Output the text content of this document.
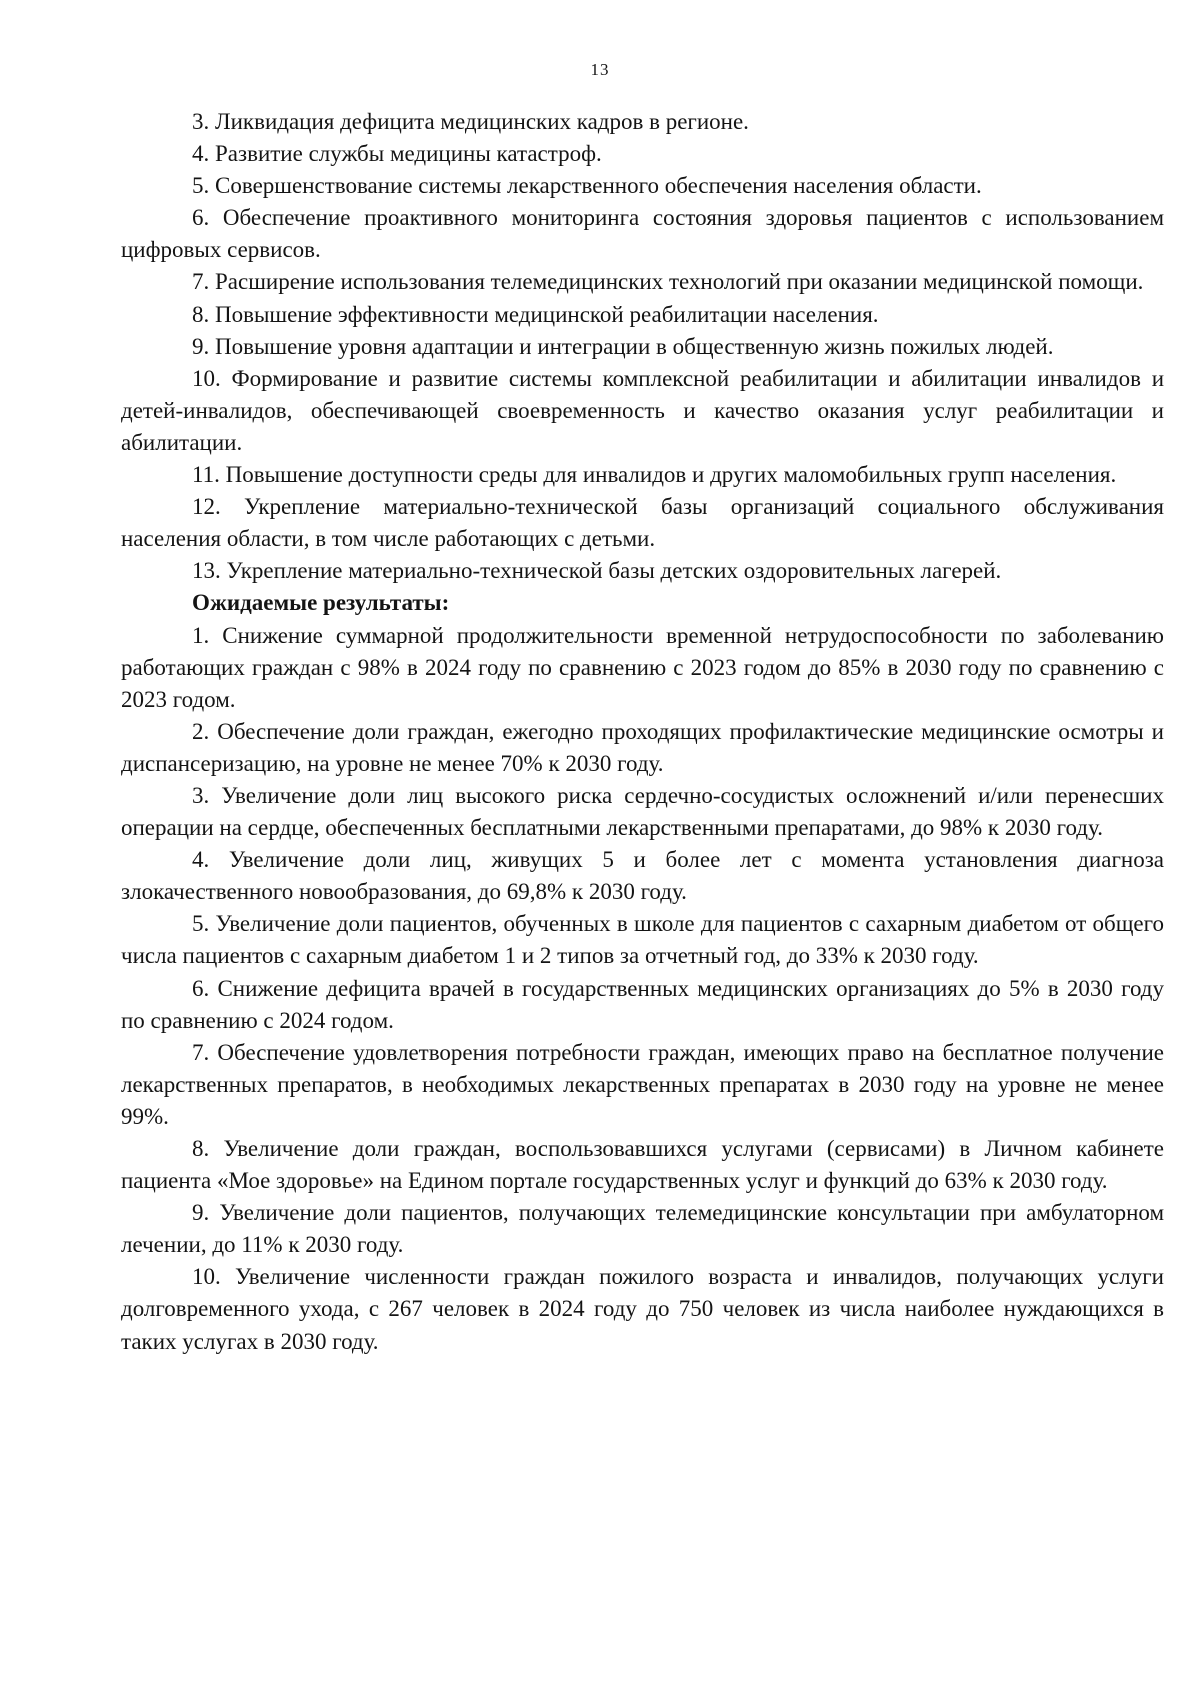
13

3. Ликвидация дефицита медицинских кадров в регионе.

4. Развитие службы медицины катастроф.

5. Совершенствование системы лекарственного обеспечения населения области.

6. Обеспечение проактивного мониторинга состояния здоровья пациентов с использованием цифровых сервисов.

7. Расширение использования телемедицинских технологий при оказании медицинской помощи.

8. Повышение эффективности медицинской реабилитации населения.

9. Повышение уровня адаптации и интеграции в общественную жизнь пожилых людей.

10. Формирование и развитие системы комплексной реабилитации и абилитации инвалидов и детей-инвалидов, обеспечивающей своевременность и качество оказания услуг реабилитации и абилитации.

11. Повышение доступности среды для инвалидов и других маломобильных групп населения.

12. Укрепление материально-технической базы организаций социального обслуживания населения области, в том числе работающих с детьми.

13. Укрепление материально-технической базы детских оздоровительных лагерей.

Ожидаемые результаты:

1. Снижение суммарной продолжительности временной нетрудоспособности по заболеванию работающих граждан с 98% в 2024 году по сравнению с 2023 годом до 85% в 2030 году по сравнению с 2023 годом.

2. Обеспечение доли граждан, ежегодно проходящих профилактические медицинские осмотры и диспансеризацию, на уровне не менее 70% к 2030 году.

3. Увеличение доли лиц высокого риска сердечно-сосудистых осложнений и/или перенесших операции на сердце, обеспеченных бесплатными лекарственными препаратами, до 98% к 2030 году.

4. Увеличение доли лиц, живущих 5 и более лет с момента установления диагноза злокачественного новообразования, до 69,8% к 2030 году.

5. Увеличение доли пациентов, обученных в школе для пациентов с сахарным диабетом от общего числа пациентов с сахарным диабетом 1 и 2 типов за отчетный год, до 33% к 2030 году.

6. Снижение дефицита врачей в государственных медицинских организациях до 5% в 2030 году по сравнению с 2024 годом.

7. Обеспечение удовлетворения потребности граждан, имеющих право на бесплатное получение лекарственных препаратов, в необходимых лекарственных препаратах в 2030 году на уровне не менее 99%.

8. Увеличение доли граждан, воспользовавшихся услугами (сервисами) в Личном кабинете пациента «Мое здоровье» на Едином портале государственных услуг и функций до 63% к 2030 году.

9. Увеличение доли пациентов, получающих телемедицинские консультации при амбулаторном лечении, до 11% к 2030 году.

10. Увеличение численности граждан пожилого возраста и инвалидов, получающих услуги долговременного ухода, с 267 человек в 2024 году до 750 человек из числа наиболее нуждающихся в таких услугах в 2030 году.
